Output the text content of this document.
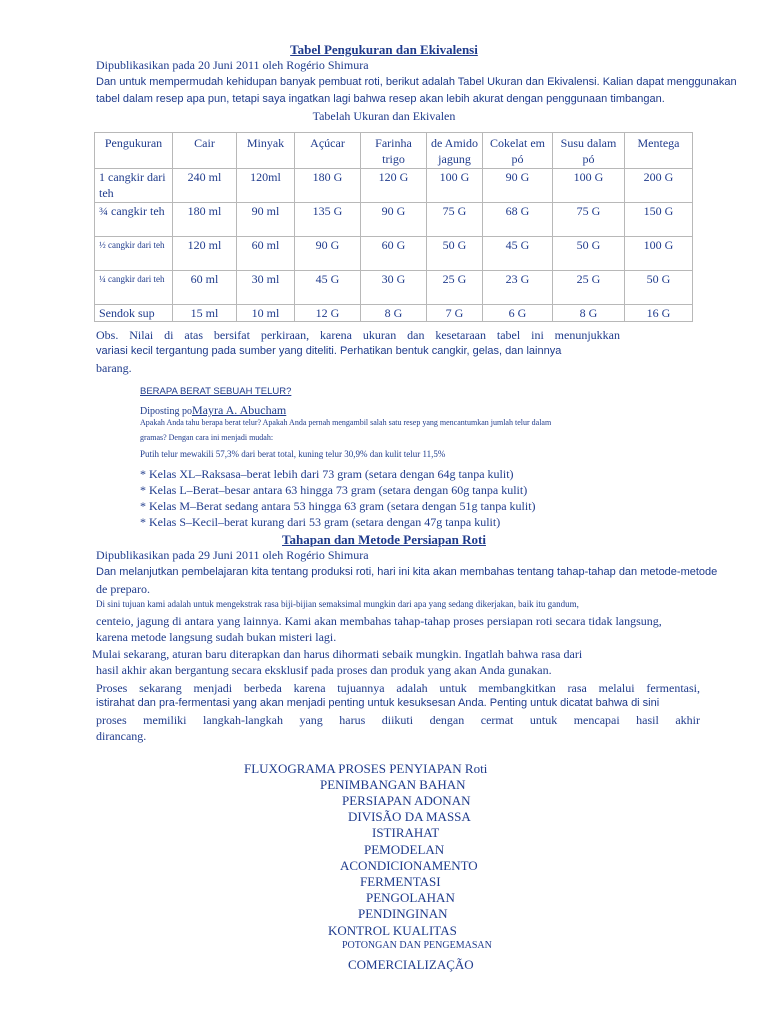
Tabel Pengukuran dan Ekivalensi
Dipublikasikan pada 20 Juni 2011 oleh Rogério Shimura
Dan untuk mempermudah kehidupan banyak pembuat roti, berikut adalah Tabel Ukuran dan Ekivalensi. Kalian dapat menggunakan
tabel dalam resep apa pun, tetapi saya ingatkan lagi bahwa resep akan lebih akurat dengan penggunaan timbangan.
Tabelah Ukuran dan Ekivalen
Pengukuran	Cair	Minyak	Açúcar	Farinha trigo	de Amido jagung	Cokelat em pó	Susu dalam pó	Mentega
1 cangkir dari teh	240 ml	120ml	180 G	120 G	100 G	90 G	100 G	200 G
¾ cangkir teh	180 ml	90 ml	135 G	90 G	75 G	68 G	75 G	150 G
½ cangkir dari teh	120 ml	60 ml	90 G	60 G	50 G	45 G	50 G	100 G
¼ cangkir dari teh	60 ml	30 ml	45 G	30 G	25 G	23 G	25 G	50 G
Sendok sup	15 ml	10 ml	12 G	8 G	7 G	6 G	8 G	16 G
Obs. Nilai di atas bersifat perkiraan, karena ukuran dan kesetaraan tabel ini menunjukkan
variasi kecil tergantung pada sumber yang diteliti. Perhatikan bentuk cangkir, gelas, dan lainnya
barang.
BERAPA BERAT SEBUAH TELUR?
Diposting poMayra A. Abucham
Apakah Anda tahu berapa berat telur? Apakah Anda pernah mengambil salah satu resep yang mencantumkan jumlah telur dalam
gramas? Dengan cara ini menjadi mudah:
Putih telur mewakili 57,3% dari berat total, kuning telur 30,9% dan kulit telur 11,5%
* Kelas XL–Raksasa–berat lebih dari 73 gram (setara dengan 64g tanpa kulit)
* Kelas L–Berat–besar antara 63 hingga 73 gram (setara dengan 60g tanpa kulit)
* Kelas M–Berat sedang antara 53 hingga 63 gram (setara dengan 51g tanpa kulit)
* Kelas S–Kecil–berat kurang dari 53 gram (setara dengan 47g tanpa kulit)
Tahapan dan Metode Persiapan Roti
Dipublikasikan pada 29 Juni 2011 oleh Rogério Shimura
Dan melanjutkan pembelajaran kita tentang produksi roti, hari ini kita akan membahas tentang tahap-tahap dan metode-metode
de preparo.
Di sini tujuan kami adalah untuk mengekstrak rasa biji-bijian semaksimal mungkin dari apa yang sedang dikerjakan, baik itu gandum,
centeio, jagung di antara yang lainnya. Kami akan membahas tahap-tahap proses persiapan roti secara tidak langsung,
karena metode langsung sudah bukan misteri lagi.
Mulai sekarang, aturan baru diterapkan dan harus dihormati sebaik mungkin. Ingatlah bahwa rasa dari
hasil akhir akan bergantung secara eksklusif pada proses dan produk yang akan Anda gunakan.
Proses sekarang menjadi berbeda karena tujuannya adalah untuk membangkitkan rasa melalui fermentasi,
istirahat dan pra-fermentasi yang akan menjadi penting untuk kesuksesan Anda. Penting untuk dicatat bahwa di sini
proses memiliki langkah-langkah yang harus diikuti dengan cermat untuk mencapai hasil akhir
dirancang.
FLUXOGRAMA PROSES PENYIAPAN Roti
PENIMBANGAN BAHAN
PERSIAPAN ADONAN
DIVISÃO DA MASSA
ISTIRAHAT
PEMODELAN
ACONDICIONAMENTO
FERMENTASI
PENGOLAHAN
PENDINGINAN
KONTROL KUALITAS
POTONGAN DAN PENGEMASAN
COMERCIALIZAÇÃO
